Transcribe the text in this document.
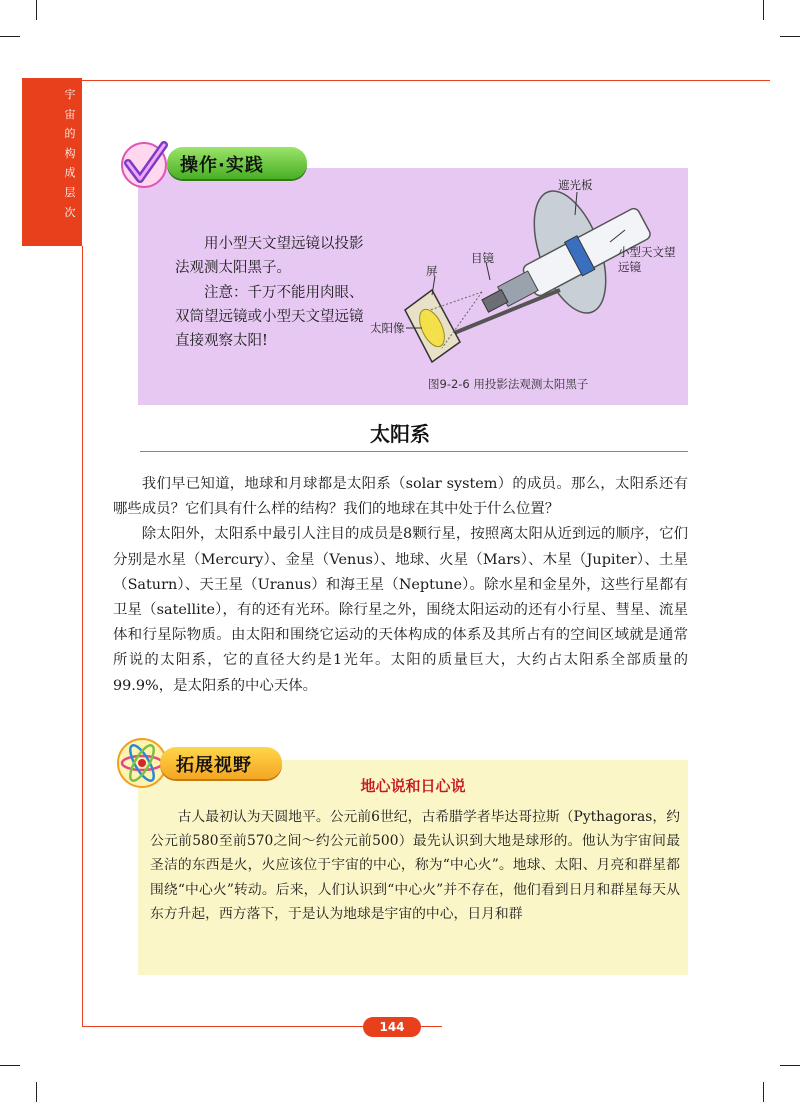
宇
宙
的
构
成
层
次
操作·实践

用小型天文望远镜以投影法观测太阳黑子。

注意：千万不能用肉眼、双筒望远镜或小型天文望远镜直接观察太阳!

遮光板
小型天文望远镜
目镜
屏
太阳像
图9-2-6 用投影法观测太阳黑子
太阳系

我们早已知道，地球和月球都是太阳系（solar system）的成员。那么，太阳系还有哪些成员？它们具有什么样的结构？我们的地球在其中处于什么位置？

除太阳外，太阳系中最引人注目的成员是8颗行星，按照离太阳从近到远的顺序，它们分别是水星（Mercury）、金星（Venus）、地球、火星（Mars）、木星（Jupiter）、土星（Saturn）、天王星（Uranus）和海王星（Neptune）。除水星和金星外，这些行星都有卫星（satellite），有的还有光环。除行星之外，围绕太阳运动的还有小行星、彗星、流星体和行星际物质。由太阳和围绕它运动的天体构成的体系及其所占有的空间区域就是通常所说的太阳系，它的直径大约是1光年。太阳的质量巨大，大约占太阳系全部质量的99.9%，是太阳系的中心天体。

拓展视野
地心说和日心说

古人最初认为天圆地平。公元前6世纪，古希腊学者毕达哥拉斯（Pythagoras，约公元前580至前570之间～约公元前500）最先认识到大地是球形的。他认为宇宙间最圣洁的东西是火，火应该位于宇宙的中心，称为“中心火”。地球、太阳、月亮和群星都围绕“中心火”转动。后来，人们认识到“中心火”并不存在，他们看到日月和群星每天从东方升起，西方落下，于是认为地球是宇宙的中心，日月和群

144
